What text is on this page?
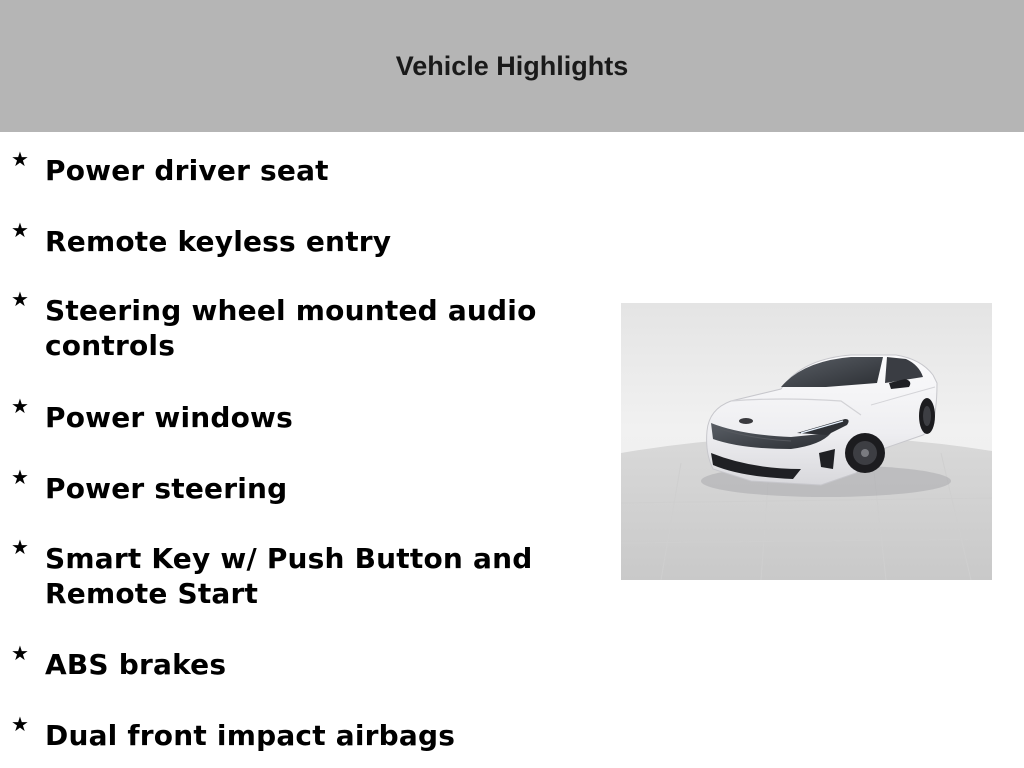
Vehicle Highlights
★ Power driver seat
★ Remote keyless entry
★ Steering wheel mounted audio controls
★ Power windows
★ Power steering
★ Smart Key w/ Push Button and Remote Start
★ ABS brakes
★ Dual front impact airbags
